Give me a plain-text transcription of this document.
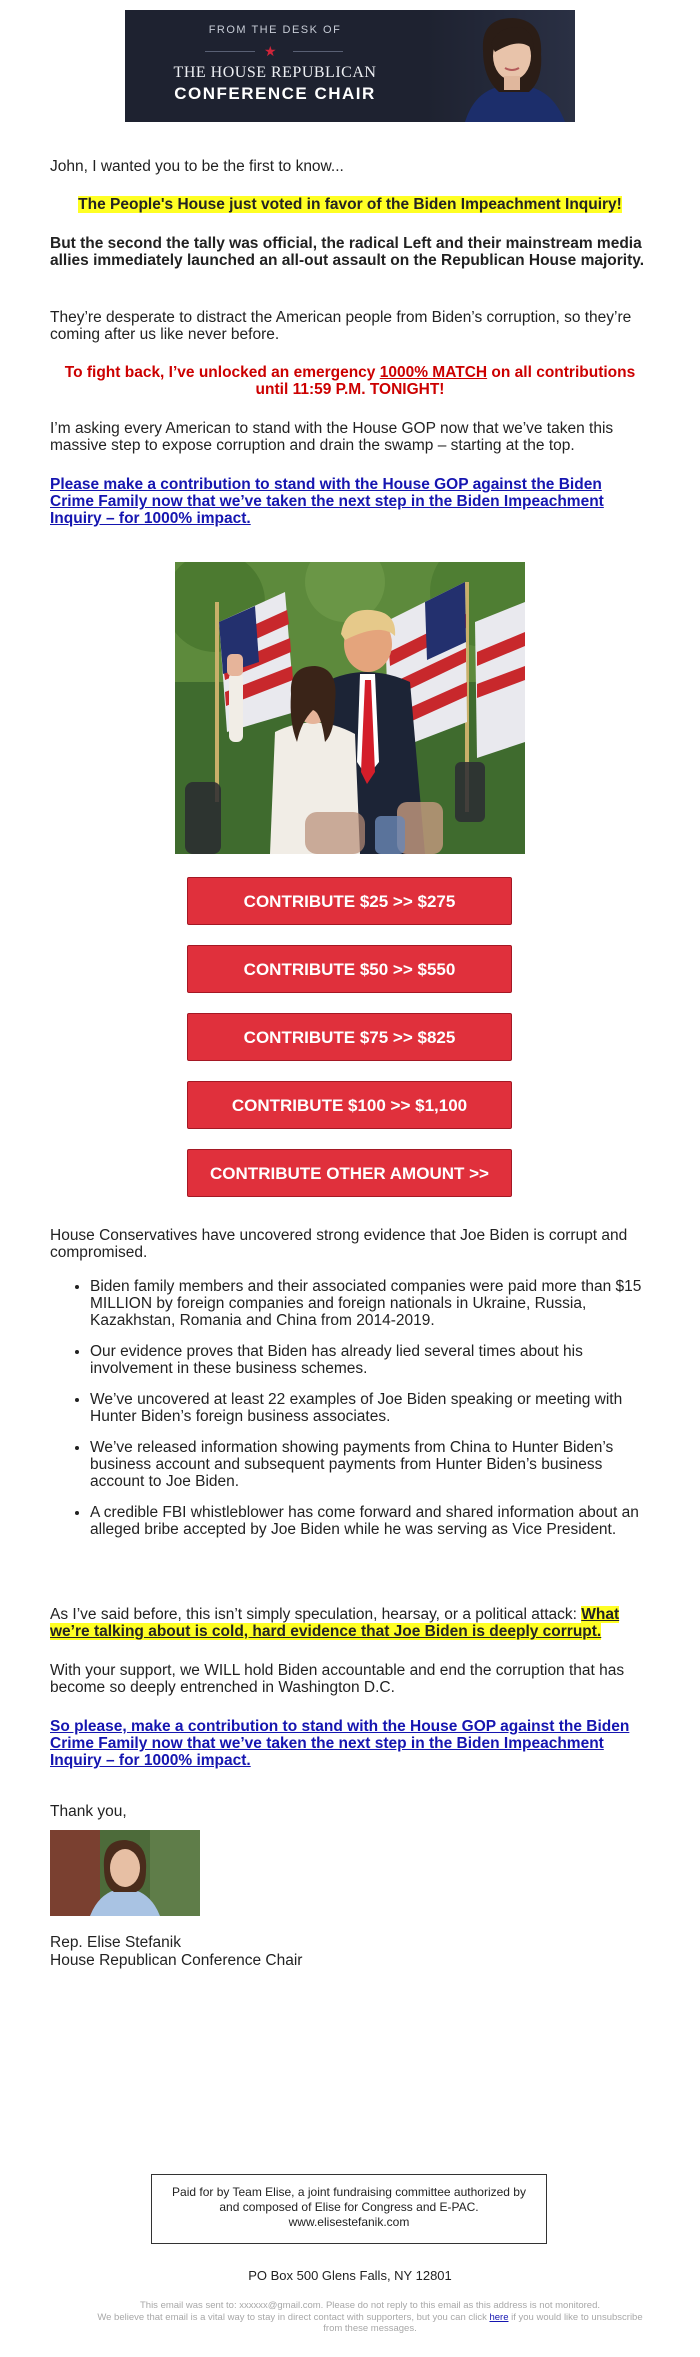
FROM THE DESK OF
★
THE HOUSE REPUBLICAN
CONFERENCE CHAIR

John, I wanted you to be the first to know...

The People's House just voted in favor of the Biden Impeachment Inquiry!

But the second the tally was official, the radical Left and their mainstream media allies immediately launched an all-out assault on the Republican House majority.

They’re desperate to distract the American people from Biden’s corruption, so they’re coming after us like never before.

To fight back, I’ve unlocked an emergency 1000% MATCH on all contributions until 11:59 P.M. TONIGHT!

I’m asking every American to stand with the House GOP now that we’ve taken this massive step to expose corruption and drain the swamp – starting at the top.

Please make a contribution to stand with the House GOP against the Biden Crime Family now that we’ve taken the next step in the Biden Impeachment Inquiry – for 1000% impact.

CONTRIBUTE $25 >> $275
CONTRIBUTE $50 >> $550
CONTRIBUTE $75 >> $825
CONTRIBUTE $100 >> $1,100
CONTRIBUTE OTHER AMOUNT >>

House Conservatives have uncovered strong evidence that Joe Biden is corrupt and compromised.

• Biden family members and their associated companies were paid more than $15 MILLION by foreign companies and foreign nationals in Ukraine, Russia, Kazakhstan, Romania and China from 2014-2019.
• Our evidence proves that Biden has already lied several times about his involvement in these business schemes.
• We’ve uncovered at least 22 examples of Joe Biden speaking or meeting with Hunter Biden’s foreign business associates.
• We’ve released information showing payments from China to Hunter Biden’s business account and subsequent payments from Hunter Biden’s business account to Joe Biden.
• A credible FBI whistleblower has come forward and shared information about an alleged bribe accepted by Joe Biden while he was serving as Vice President.

As I’ve said before, this isn’t simply speculation, hearsay, or a political attack: What we’re talking about is cold, hard evidence that Joe Biden is deeply corrupt.

With your support, we WILL hold Biden accountable and end the corruption that has become so deeply entrenched in Washington D.C.

So please, make a contribution to stand with the House GOP against the Biden Crime Family now that we’ve taken the next step in the Biden Impeachment Inquiry – for 1000% impact.

Thank you,

Rep. Elise Stefanik

House Republican Conference Chair

Paid for by Team Elise, a joint fundraising committee authorized by and composed of Elise for Congress and E-PAC. www.elisestefanik.com
PO Box 500 Glens Falls, NY 12801
This email was sent to: xxxxxx@gmail.com. Please do not reply to this email as this address is not monitored.
We believe that email is a vital way to stay in direct contact with supporters, but you can click here if you would like to unsubscribe from these messages.
